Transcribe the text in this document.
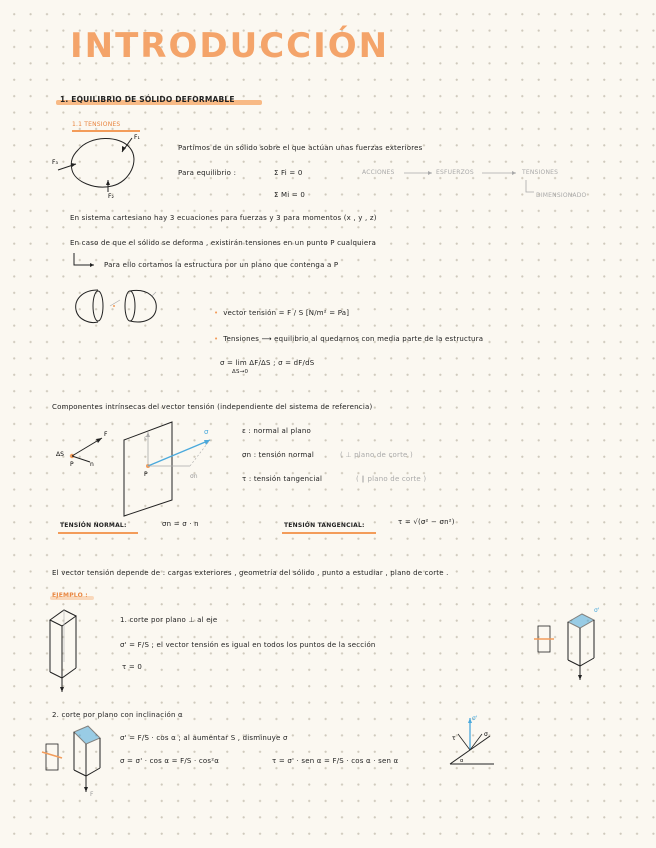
INTRODUCCIÓN
1. EQUILIBRIO DE SÓLIDO DEFORMABLE
1.1 TENSIONES
F₁
F₃
F₂
Partimos de un sólido sobre el que actúan unas fuerzas exteriores
Para equilibrio :	Σ Fi = 0
Σ Mi = 0
ACCIONES	ESFUERZOS	TENSIONES
DIMENSIONADO
En sistema cartesiano hay 3 ecuaciones para fuerzas y 3 para momentos (x , y , z)
En caso de que el sólido se deforma , existirán tensiones en un punto P cualquiera
Para ello cortamos la estructura por un plano que contenga a P
•  vector tensión = F / S [N/m² = Pa]
•  Tensiones ⟶ equilibrio al quedarnos con media parte de la estructura
σ = lim ΔF/ΔS ; σ = dF/dS
ΔS→0
Componentes intrínsecas del vector tensión (independiente del sistema de referencia)
ΔS
P	n
F
P
ε
σ
σn
ε : normal al plano
σn : tensión normal	( ⊥ plano de corte )
τ : tensión tangencial	( ∥ plano de corte )
TENSIÓN NORMAL:	σn = σ · n	TENSIÓN TANGENCIAL:	τ = √(σ² − σn²)
El vector tensión depende de : cargas exteriores , geometría del sólido , punto a estudiar , plano de corte .
EJEMPLO :
1. corte por plano ⊥ al eje
σ' = F/S ; el vector tensión es igual en todos los puntos de la sección
τ = 0
σ'
2. corte por plano con inclinación α
F
σ' = F/S · cos α ; al aumentar S , disminuye σ
σ = σ' · cos α = F/S · cos²α	τ = σ' · sen α = F/S · cos α · sen α
σ'
τ
σ
α
